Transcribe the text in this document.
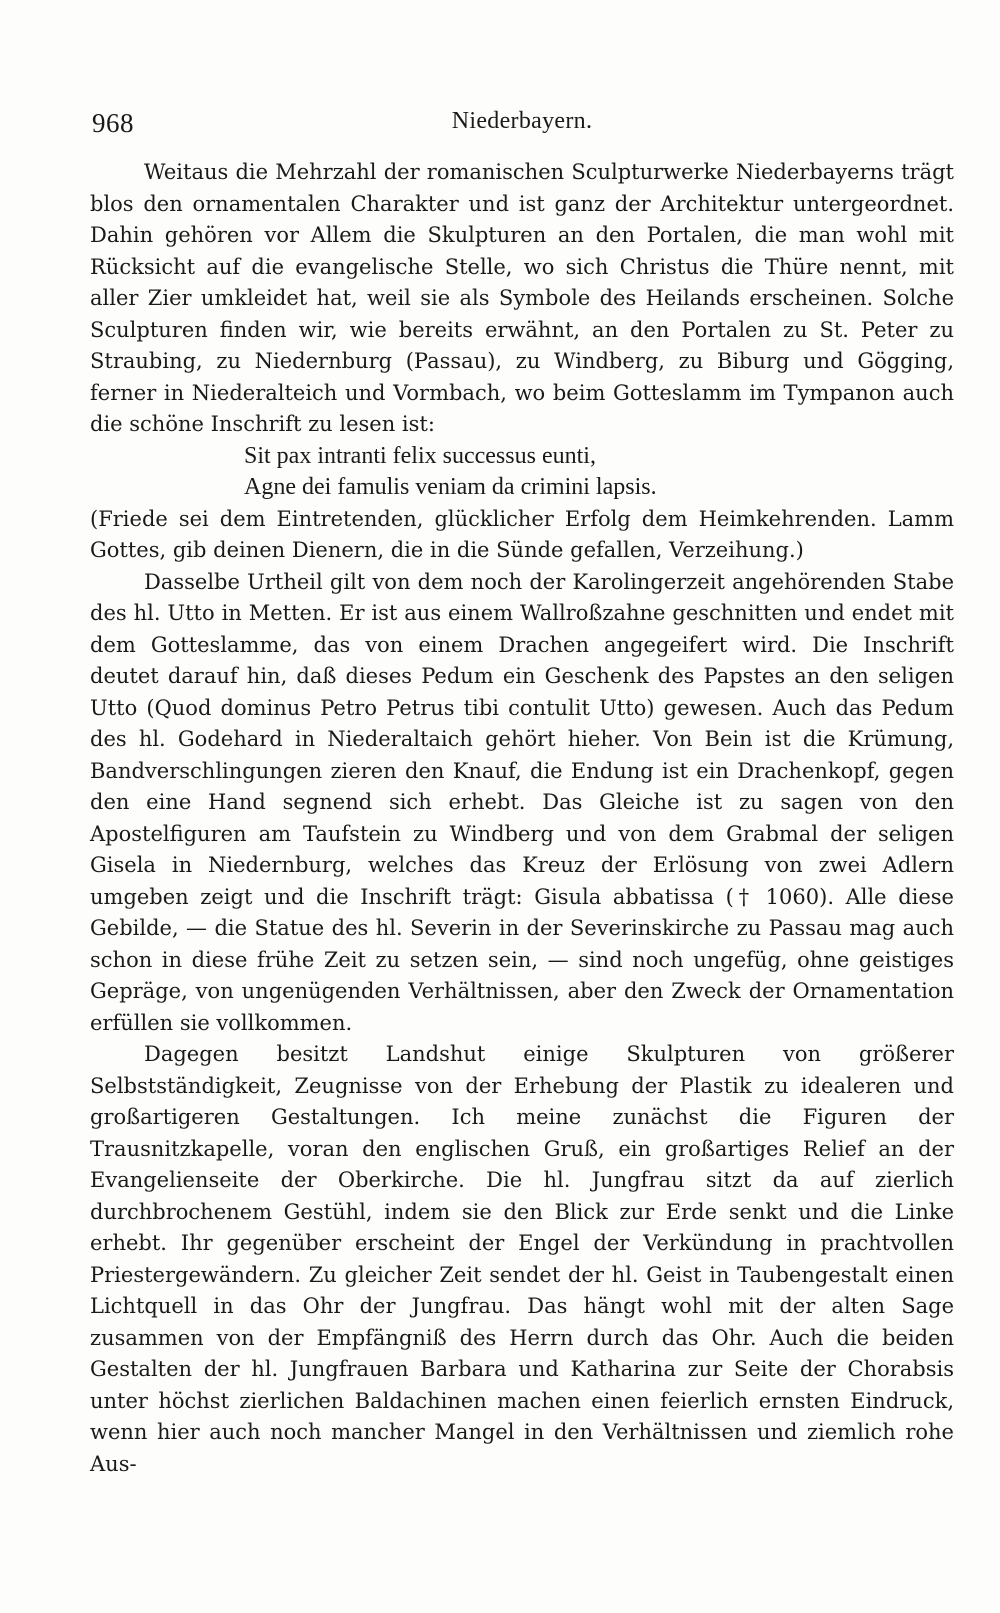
968	Niederbayern.

Weitaus die Mehrzahl der romanischen Sculpturwerke Niederbayerns trägt blos den ornamentalen Charakter und ist ganz der Architektur untergeordnet. Dahin gehören vor Allem die Skulpturen an den Portalen, die man wohl mit Rücksicht auf die evangelische Stelle, wo sich Christus die Thüre nennt, mit aller Zier umkleidet hat, weil sie als Symbole des Heilands erscheinen. Solche Sculpturen finden wir, wie bereits erwähnt, an den Portalen zu St. Peter zu Straubing, zu Niedernburg (Passau), zu Windberg, zu Biburg und Gögging, ferner in Niederalteich und Vormbach, wo beim Gotteslamm im Tympanon auch die schöne Inschrift zu lesen ist:

Sit pax intranti felix successus eunti,
Agne dei famulis veniam da crimini lapsis.

(Friede sei dem Eintretenden, glücklicher Erfolg dem Heimkehrenden. Lamm Gottes, gib deinen Dienern, die in die Sünde gefallen, Verzeihung.)

Dasselbe Urtheil gilt von dem noch der Karolingerzeit angehörenden Stabe des hl. Utto in Metten. Er ist aus einem Wallroßzahne geschnitten und endet mit dem Gotteslamme, das von einem Drachen angegeifert wird. Die Inschrift deutet darauf hin, daß dieses Pedum ein Geschenk des Papstes an den seligen Utto (Quod dominus Petro Petrus tibi contulit Utto) gewesen. Auch das Pedum des hl. Godehard in Niederaltaich gehört hieher. Von Bein ist die Krümung, Bandverschlingungen zieren den Knauf, die Endung ist ein Drachenkopf, gegen den eine Hand segnend sich erhebt. Das Gleiche ist zu sagen von den Apostelfiguren am Taufstein zu Windberg und von dem Grabmal der seligen Gisela in Niedernburg, welches das Kreuz der Erlösung von zwei Adlern umgeben zeigt und die Inschrift trägt: Gisula abbatissa († 1060). Alle diese Gebilde, — die Statue des hl. Severin in der Severinskirche zu Passau mag auch schon in diese frühe Zeit zu setzen sein, — sind noch ungefüg, ohne geistiges Gepräge, von ungenügenden Verhältnissen, aber den Zweck der Ornamentation erfüllen sie vollkommen.

Dagegen besitzt Landshut einige Skulpturen von größerer Selbstständigkeit, Zeugnisse von der Erhebung der Plastik zu idealeren und großartigeren Gestaltungen. Ich meine zunächst die Figuren der Trausnitzkapelle, voran den englischen Gruß, ein großartiges Relief an der Evangelienseite der Oberkirche. Die hl. Jungfrau sitzt da auf zierlich durchbrochenem Gestühl, indem sie den Blick zur Erde senkt und die Linke erhebt. Ihr gegenüber erscheint der Engel der Verkündung in prachtvollen Priestergewändern. Zu gleicher Zeit sendet der hl. Geist in Taubengestalt einen Lichtquell in das Ohr der Jungfrau. Das hängt wohl mit der alten Sage zusammen von der Empfängniß des Herrn durch das Ohr. Auch die beiden Gestalten der hl. Jungfrauen Barbara und Katharina zur Seite der Chorabsis unter höchst zierlichen Baldachinen machen einen feierlich ernsten Eindruck, wenn hier auch noch mancher Mangel in den Verhältnissen und ziemlich rohe Aus-
